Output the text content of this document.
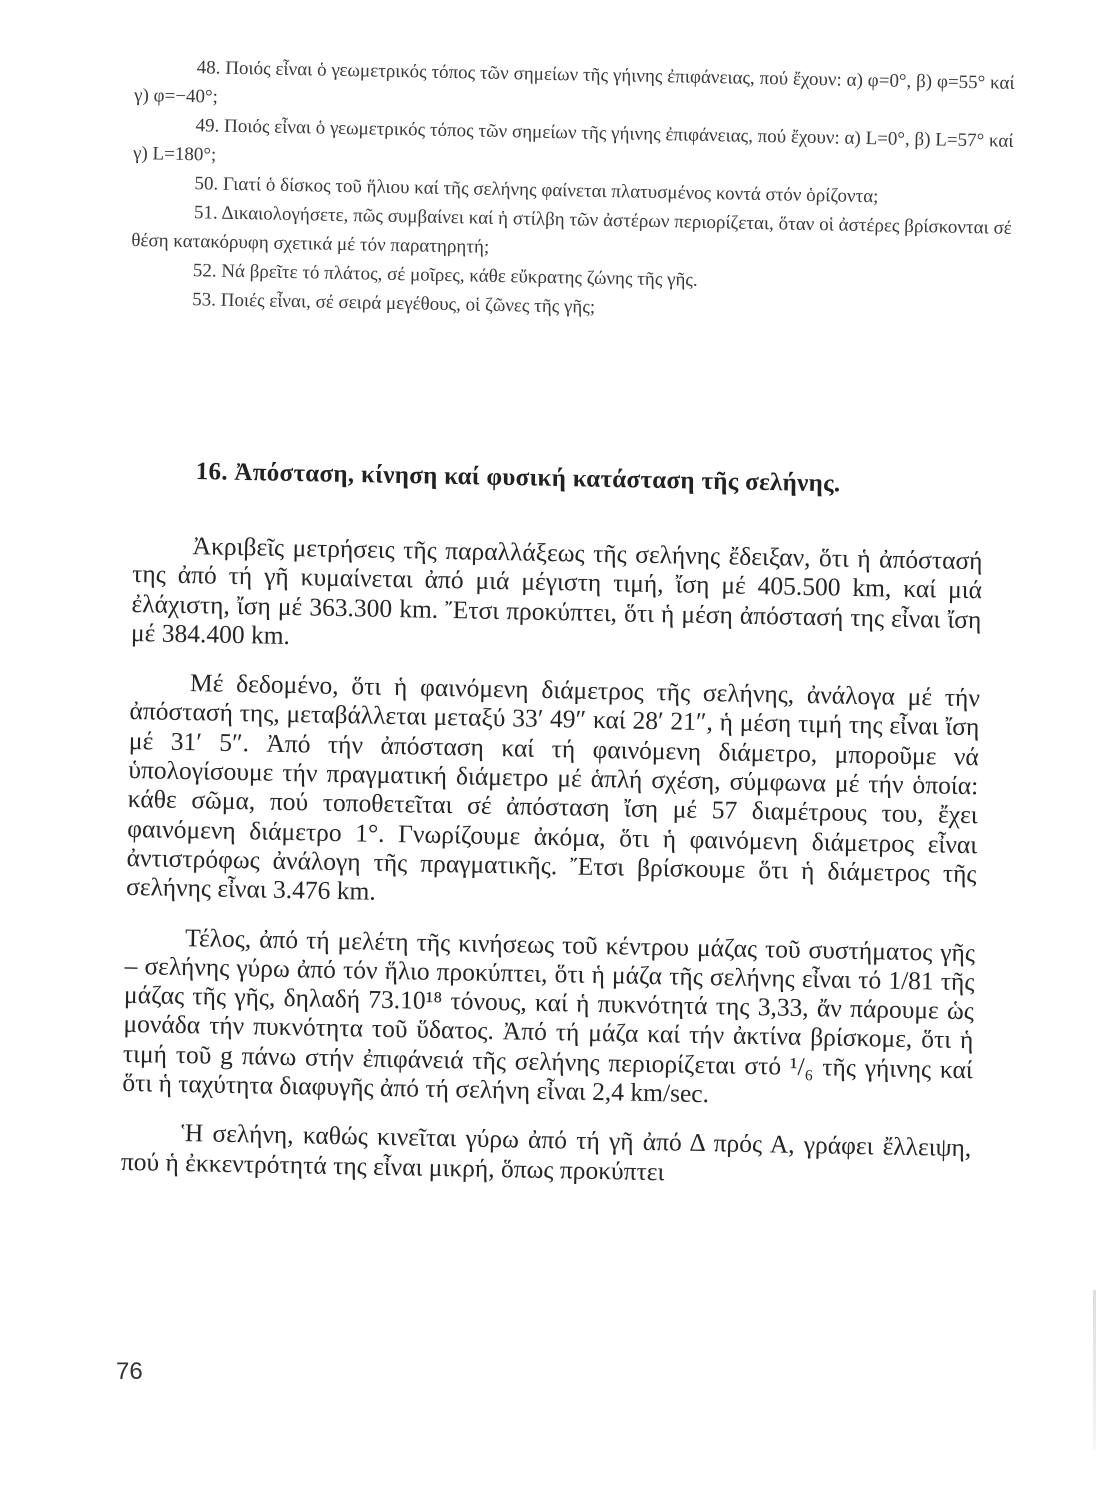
48. Ποιός εἶναι ὁ γεωμετρικός τόπος τῶν σημείων τῆς γήινης ἐπιφάνειας, πού ἔχουν: α) φ=0°, β) φ=55° καί γ) φ=−40°;

49. Ποιός εἶναι ὁ γεωμετρικός τόπος τῶν σημείων τῆς γήινης ἐπιφάνειας, πού ἔχουν: α) L=0°, β) L=57° καί γ) L=180°;

50. Γιατί ὁ δίσκος τοῦ ἥλιου καί τῆς σελήνης φαίνεται πλατυσμένος κοντά στόν ὁρίζοντα;

51. Δικαιολογήσετε, πῶς συμβαίνει καί ἡ στίλβη τῶν ἀστέρων περιορίζεται, ὅταν οἱ ἀστέρες βρίσκονται σέ θέση κατακόρυφη σχετικά μέ τόν παρατηρητή;

52. Νά βρεῖτε τό πλάτος, σέ μοῖρες, κάθε εὔκρατης ζώνης τῆς γῆς.

53. Ποιές εἶναι, σέ σειρά μεγέθους, οἱ ζῶνες τῆς γῆς;

16. Ἀπόσταση, κίνηση καί φυσική κατάσταση τῆς σελήνης.

Ἀκριβεῖς μετρήσεις τῆς παραλλάξεως τῆς σελήνης ἔδειξαν, ὅτι ἡ ἀπόστασή της ἀπό τή γῆ κυμαίνεται ἀπό μιά μέγιστη τιμή, ἴση μέ 405.500 km, καί μιά ἐλάχιστη, ἴση μέ 363.300 km. Ἔτσι προκύπτει, ὅτι ἡ μέση ἀπόστασή της εἶναι ἴση μέ 384.400 km.

Μέ δεδομένο, ὅτι ἡ φαινόμενη διάμετρος τῆς σελήνης, ἀνάλογα μέ τήν ἀπόστασή της, μεταβάλλεται μεταξύ 33′ 49″ καί 28′ 21″, ἡ μέση τιμή της εἶναι ἴση μέ 31′ 5″. Ἀπό τήν ἀπόσταση καί τή φαινόμενη διάμετρο, μποροῦμε νά ὑπολογίσουμε τήν πραγματική διάμετρο μέ ἁπλή σχέση, σύμφωνα μέ τήν ὁποία: κάθε σῶμα, πού τοποθετεῖται σέ ἀπόσταση ἴση μέ 57 διαμέτρους του, ἔχει φαινόμενη διάμετρο 1°. Γνωρίζουμε ἀκόμα, ὅτι ἡ φαινόμενη διάμετρος εἶναι ἀντιστρόφως ἀνάλογη τῆς πραγματικῆς. Ἔτσι βρίσκουμε ὅτι ἡ διάμετρος τῆς σελήνης εἶναι 3.476 km.

Τέλος, ἀπό τή μελέτη τῆς κινήσεως τοῦ κέντρου μάζας τοῦ συστήματος γῆς – σελήνης γύρω ἀπό τόν ἥλιο προκύπτει, ὅτι ἡ μάζα τῆς σελήνης εἶναι τό 1/81 τῆς μάζας τῆς γῆς, δηλαδή 73.10¹⁸ τόνους, καί ἡ πυκνότητά της 3,33, ἄν πάρουμε ὡς μονάδα τήν πυκνότητα τοῦ ὕδατος. Ἀπό τή μάζα καί τήν ἀκτίνα βρίσκομε, ὅτι ἡ τιμή τοῦ g πάνω στήν ἐπιφάνειά τῆς σελήνης περιορίζεται στό ¹/₆ τῆς γήινης καί ὅτι ἡ ταχύτητα διαφυγῆς ἀπό τή σελήνη εἶναι 2,4 km/sec.

Ἡ σελήνη, καθώς κινεῖται γύρω ἀπό τή γῆ ἀπό Δ πρός Α, γράφει ἔλλειψη, πού ἡ ἐκκεντρότητά της εἶναι μικρή, ὅπως προκύπτει

76
